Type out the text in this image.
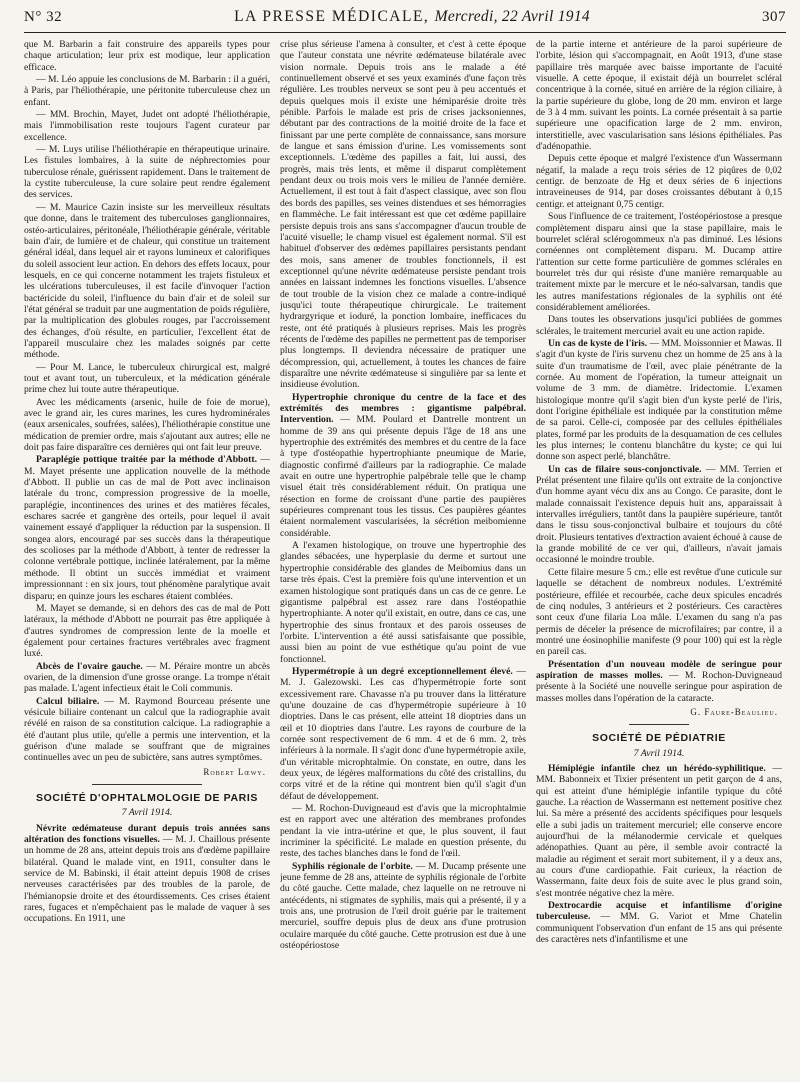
N° 32	LA PRESSE MÉDICALE, Mercredi, 22 Avril 1914	307

que M. Barbarin a fait construire des appareils types pour chaque articulation; leur prix est modique, leur application efficace.

— M. Léo appuie les conclusions de M. Barbarin : il a guéri, à Paris, par l'héliothérapie, une péritonite tuberculeuse chez un enfant.

— MM. Brochin, Mayet, Judet ont adopté l'héliothérapie, mais l'immobilisation reste toujours l'agent curateur par excellence.

— M. Luys utilise l'héliothérapie en thérapeutique urinaire. Les fistules lombaires, à la suite de néphrectomies pour tuberculose rénale, guérissent rapidement. Dans le traitement de la cystite tuberculeuse, la cure solaire peut rendre également des services.

— M. Maurice Cazin insiste sur les merveilleux résultats que donne, dans le traitement des tuberculoses ganglionnaires, ostéo-articulaires, péritonéale, l'héliothérapie générale, véritable bain d'air, de lumière et de chaleur, qui constitue un traitement général idéal, dans lequel air et rayons lumineux et calorifiques du soleil associent leur action. En dehors des effets locaux, pour lesquels, en ce qui concerne notamment les trajets fistuleux et les ulcérations tuberculeuses, il est facile d'invoquer l'action bactéricide du soleil, l'influence du bain d'air et de soleil sur l'état général se traduit par une augmentation de poids régulière, par la multiplication des globules rouges, par l'accroissement des échanges, d'où résulte, en particulier, l'excellent état de l'appareil musculaire chez les malades soignés par cette méthode.

— Pour M. Lance, le tuberculeux chirurgical est, malgré tout et avant tout, un tuberculeux, et la médication générale prime chez lui toute autre thérapeutique.

Avec les médicaments (arsenic, huile de foie de morue), avec le grand air, les cures marines, les cures hydrominérales (eaux arsenicales, soufrées, salées), l'héliothérapie constitue une médication de premier ordre, mais s'ajoutant aux autres; elle ne doit pas faire disparaître ces dernières qui ont fait leur preuve.

Paraplégie pottique traitée par la méthode d'Abbott. — M. Mayet présente une application nouvelle de la méthode d'Abbott. Il publie un cas de mal de Pott avec inclinaison latérale du tronc, compression progressive de la moelle, paraplégie, incontinences des urines et des matières fécales, eschares sacrée et gangrène des orteils, pour lequel il avait vainement essayé d'appliquer la réduction par la suspension. Il songea alors, encouragé par ses succès dans la thérapeutique des scolioses par la méthode d'Abbott, à tenter de redresser la colonne vertébrale pottique, inclinée latéralement, par la même méthode. Il obtint un succès immédiat et vraiment impressionnant : en six jours, tout phénomène paralytique avait disparu; en quinze jours les eschares étaient comblées.

M. Mayet se demande, si en dehors des cas de mal de Pott latéraux, la méthode d'Abbott ne pourrait pas être appliquée à d'autres syndromes de compression lente de la moelle et également pour certaines fractures vertébrales avec fragment luxé.

Abcès de l'ovaire gauche. — M. Péraire montre un abcès ovarien, de la dimension d'une grosse orange. La trompe n'était pas malade. L'agent infectieux était le Coli communis.

Calcul biliaire. — M. Raymond Bourceau présente une vésicule biliaire contenant un calcul que la radiographie avait révélé en raison de sa constitution calcique. La radiographie a été d'autant plus utile, qu'elle a permis une intervention, et la guérison d'une malade se souffrant que de migraines continuelles avec un peu de subictère, sans autres symptômes.

Robert Lœwy.
SOCIÉTÉ D'OPHTALMOLOGIE DE PARIS
7 Avril 1914.

Névrite œdémateuse durant depuis trois années sans altération des fonctions visuelles. — M. J. Chaillous présente un homme de 28 ans, atteint depuis trois ans d'œdème papillaire bilatéral. Quand le malade vint, en 1911, consulter dans le service de M. Babinski, il était atteint depuis 1908 de crises nerveuses caractérisées par des troubles de la parole, de l'hémianopsie droite et des étourdissements. Ces crises étaient rares, fugaces et n'empêchaient pas le malade de vaquer à ses occupations. En 1911, une

crise plus sérieuse l'amena à consulter, et c'est à cette époque que l'auteur constata une névrite œdémateuse bilatérale avec vision normale. Depuis trois ans le malade a été continuellement observé et ses yeux examinés d'une façon très régulière. Les troubles nerveux se sont peu à peu accentués et depuis quelques mois il existe une hémiparésie droite très pénible. Parfois le malade est pris de crises jacksoniennes, débutant par des contractions de la moitié droite de la face et finissant par une perte complète de connaissance, sans morsure de langue et sans émission d'urine. Les vomissements sont exceptionnels. L'œdème des papilles a fait, lui aussi, des progrès, mais très lents, et même il disparut complètement pendant deux ou trois mois vers le milieu de l'année dernière. Actuellement, il est tout à fait d'aspect classique, avec son flou des bords des papilles, ses veines distendues et ses hémorragies en flammèche. Le fait intéressant est que cet œdème papillaire persiste depuis trois ans sans s'accompagner d'aucun trouble de l'acuité visuelle; le champ visuel est également normal. S'il est habituel d'observer des œdèmes papillaires persistants pendant des mois, sans amener de troubles fonctionnels, il est exceptionnel qu'une névrite œdémateuse persiste pendant trois années en laissant indemnes les fonctions visuelles. L'absence de tout trouble de la vision chez ce malade a contre-indiqué jusqu'ici toute thérapeutique chirurgicale. Le traitement hydrargyrique et ioduré, la ponction lombaire, inefficaces du reste, ont été pratiqués à plusieurs reprises. Mais les progrès récents de l'œdème des papilles ne permettent pas de temporiser plus longtemps. Il deviendra nécessaire de pratiquer une décompression, qui, actuellement, à toutes les chances de faire disparaître une névrite œdémateuse si singulière par sa lente et insidieuse évolution.

Hypertrophie chronique du centre de la face et des extrémités des membres : gigantisme palpébral. Intervention. — MM. Poulard et Dantrelle montrent un homme de 39 ans qui présente depuis l'âge de 18 ans une hypertrophie des extrémités des membres et du centre de la face à type d'ostéopathie hypertrophiante pneumique de Marie, diagnostic confirmé d'ailleurs par la radiographie. Ce malade avait en outre une hypertrophie palpébrale telle que le champ visuel était très considérablement réduit. On pratiqua une résection en forme de croissant d'une partie des paupières supérieures comprenant tous les tissus. Ces paupières géantes étaient normalement vascularisées, la sécrétion meibomienne considérable.

A l'examen histologique, on trouve une hypertrophie des glandes sébacées, une hyperplasie du derme et surtout une hypertrophie considérable des glandes de Meibomius dans un tarse très épais. C'est la première fois qu'une intervention et un examen histologique sont pratiqués dans un cas de ce genre. Le gigantisme palpébral est assez rare dans l'ostéopathie hypertrophiante. A noter qu'il existait, en outre, dans ce cas, une hypertrophie des sinus frontaux et des parois osseuses de l'orbite. L'intervention a été aussi satisfaisante que possible, aussi bien au point de vue esthétique qu'au point de vue fonctionnel.

Hypermétropie à un degré exceptionnellement élevé. — M. J. Galezowski. Les cas d'hypermétropie forte sont excessivement rare. Chavasse n'a pu trouver dans la littérature qu'une douzaine de cas d'hypermétropie supérieure à 10 dioptries. Dans le cas présent, elle atteint 18 dioptries dans un œil et 10 dioptries dans l'autre. Les rayons de courbure de la cornée sont respectivement de 6 mm. 4 et de 6 mm. 2, très inférieurs à la normale. Il s'agit donc d'une hypermétropie axile, d'un véritable microphtalmie. On constate, en outre, dans les deux yeux, de légères malformations du côté des cristallins, du corps vitré et de la rétine qui montrent bien qu'il s'agit d'un défaut de développement.

— M. Rochon-Duvigneaud est d'avis que la microphtalmie est en rapport avec une altération des membranes profondes pendant la vie intra-utérine et que, le plus souvent, il faut incriminer la spécificité. Le malade en question présente, du reste, des taches blanches dans le fond de l'œil.

Syphilis régionale de l'orbite. — M. Ducamp présente une jeune femme de 28 ans, atteinte de syphilis régionale de l'orbite du côté gauche. Cette malade, chez laquelle on ne retrouve ni antécédents, ni stigmates de syphilis, mais qui a présenté, il y a trois ans, une protrusion de l'œil droit guérie par le traitement mercuriel, souffre depuis plus de deux ans d'une protrusion oculaire marquée du côté gauche. Cette protrusion est due à une ostéopériostose

de la partie interne et antérieure de la paroi supérieure de l'orbite, lésion qui s'accompagnait, en Août 1913, d'une stase papillaire très marquée avec baisse importante de l'acuité visuelle. A cette époque, il existait déjà un bourrelet scléral concentrique à la cornée, situé en arrière de la région ciliaire, à la partie supérieure du globe, long de 20 mm. environ et large de 3 à 4 mm. suivant les points. La cornée présentait à sa partie supérieure une opacification large de 2 mm. environ, interstitielle, avec vascularisation sans lésions épithéliales. Pas d'adénopathie.

Depuis cette époque et malgré l'existence d'un Wassermann négatif, la malade a reçu trois séries de 12 piqûres de 0,02 centigr. de benzoate de Hg et deux séries de 6 injections intraveineuses de 914, par doses croissantes débutant à 0,15 centigr. et atteignant 0,75 centigr.

Sous l'influence de ce traitement, l'ostéopériostose a presque complètement disparu ainsi que la stase papillaire, mais le bourrelet scléral sclérogommeux n'a pas diminué. Les lésions cornéennes ont complètement disparu. M. Ducamp attire l'attention sur cette forme particulière de gommes sclérales en bourrelet très dur qui résiste d'une manière remarquable au traitement mixte par le mercure et le néo-salvarsan, tandis que les autres manifestations régionales de la syphilis ont été considérablement améliorées.

Dans toutes les observations jusqu'ici publiées de gommes sclérales, le traitement mercuriel avait eu une action rapide.

Un cas de kyste de l'iris. — MM. Moissonnier et Mawas. Il s'agit d'un kyste de l'iris survenu chez un homme de 25 ans à la suite d'un traumatisme de l'œil, avec plaie pénétrante de la cornée. Au moment de l'opération, la tumeur atteignait un volume de 3 mm. de diamètre. Iridectomie. L'examen histologique montre qu'il s'agit bien d'un kyste perlé de l'iris, dont l'origine épithéliale est indiquée par la constitution même de sa paroi. Celle-ci, composée par des cellules épithéliales plates, formé par les produits de la desquamation de ces cellules les plus internes; le contenu blanchâtre du kyste; ce qui lui donne son aspect perlé, blanchâtre.

Un cas de filaire sous-conjonctivale. — MM. Terrien et Prélat présentent une filaire qu'ils ont extraite de la conjonctive d'un homme ayant vécu dix ans au Congo. Ce parasite, dont le malade connaissait l'existence depuis huit ans, apparaissait à intervalles irréguliers, tantôt dans la paupière supérieure, tantôt dans le tissu sous-conjonctival bulbaire et toujours du côté droit. Plusieurs tentatives d'extraction avaient échoué à cause de la grande mobilité de ce ver qui, d'ailleurs, n'avait jamais occasionné le moindre trouble.

Cette filaire mesure 5 cm.; elle est revêtue d'une cuticule sur laquelle se détachent de nombreux nodules. L'extrémité postérieure, effilée et recourbée, cache deux spicules encadrés de cinq nodules, 3 antérieurs et 2 postérieurs. Ces caractères sont ceux d'une filaria Loa mâle. L'examen du sang n'a pas permis de déceler la présence de microfilaires; par contre, il a montré une éosinophilie manifeste (9 pour 100) qui est la règle en pareil cas.

Présentation d'un nouveau modèle de seringue pour aspiration de masses molles. — M. Rochon-Duvigneaud présente à la Société une nouvelle seringue pour aspiration de masses molles dans l'opération de la cataracte.

G. Faure-Beaulieu.
SOCIÉTÉ DE PÉDIATRIE
7 Avril 1914.

Hémiplégie infantile chez un hérédo-syphilitique. — MM. Babonneix et Tixier présentent un petit garçon de 4 ans, qui est atteint d'une hémiplégie infantile typique du côté gauche. La réaction de Wassermann est nettement positive chez lui. Sa mère a présenté des accidents spécifiques pour lesquels elle a subi jadis un traitement mercuriel; elle conserve encore aujourd'hui de la mélanodermie cervicale et quelques adénopathies. Quant au père, il semble avoir contracté la maladie au régiment et serait mort subitement, il y a deux ans, au cours d'une cardiopathie. Fait curieux, la réaction de Wassermann, faite deux fois de suite avec le plus grand soin, s'est montrée négative chez la mère.

Dextrocardie acquise et infantilisme d'origine tuberculeuse. — MM. G. Variot et Mme Chatelin communiquent l'observation d'un enfant de 15 ans qui présente des caractères nets d'infantilisme et une
